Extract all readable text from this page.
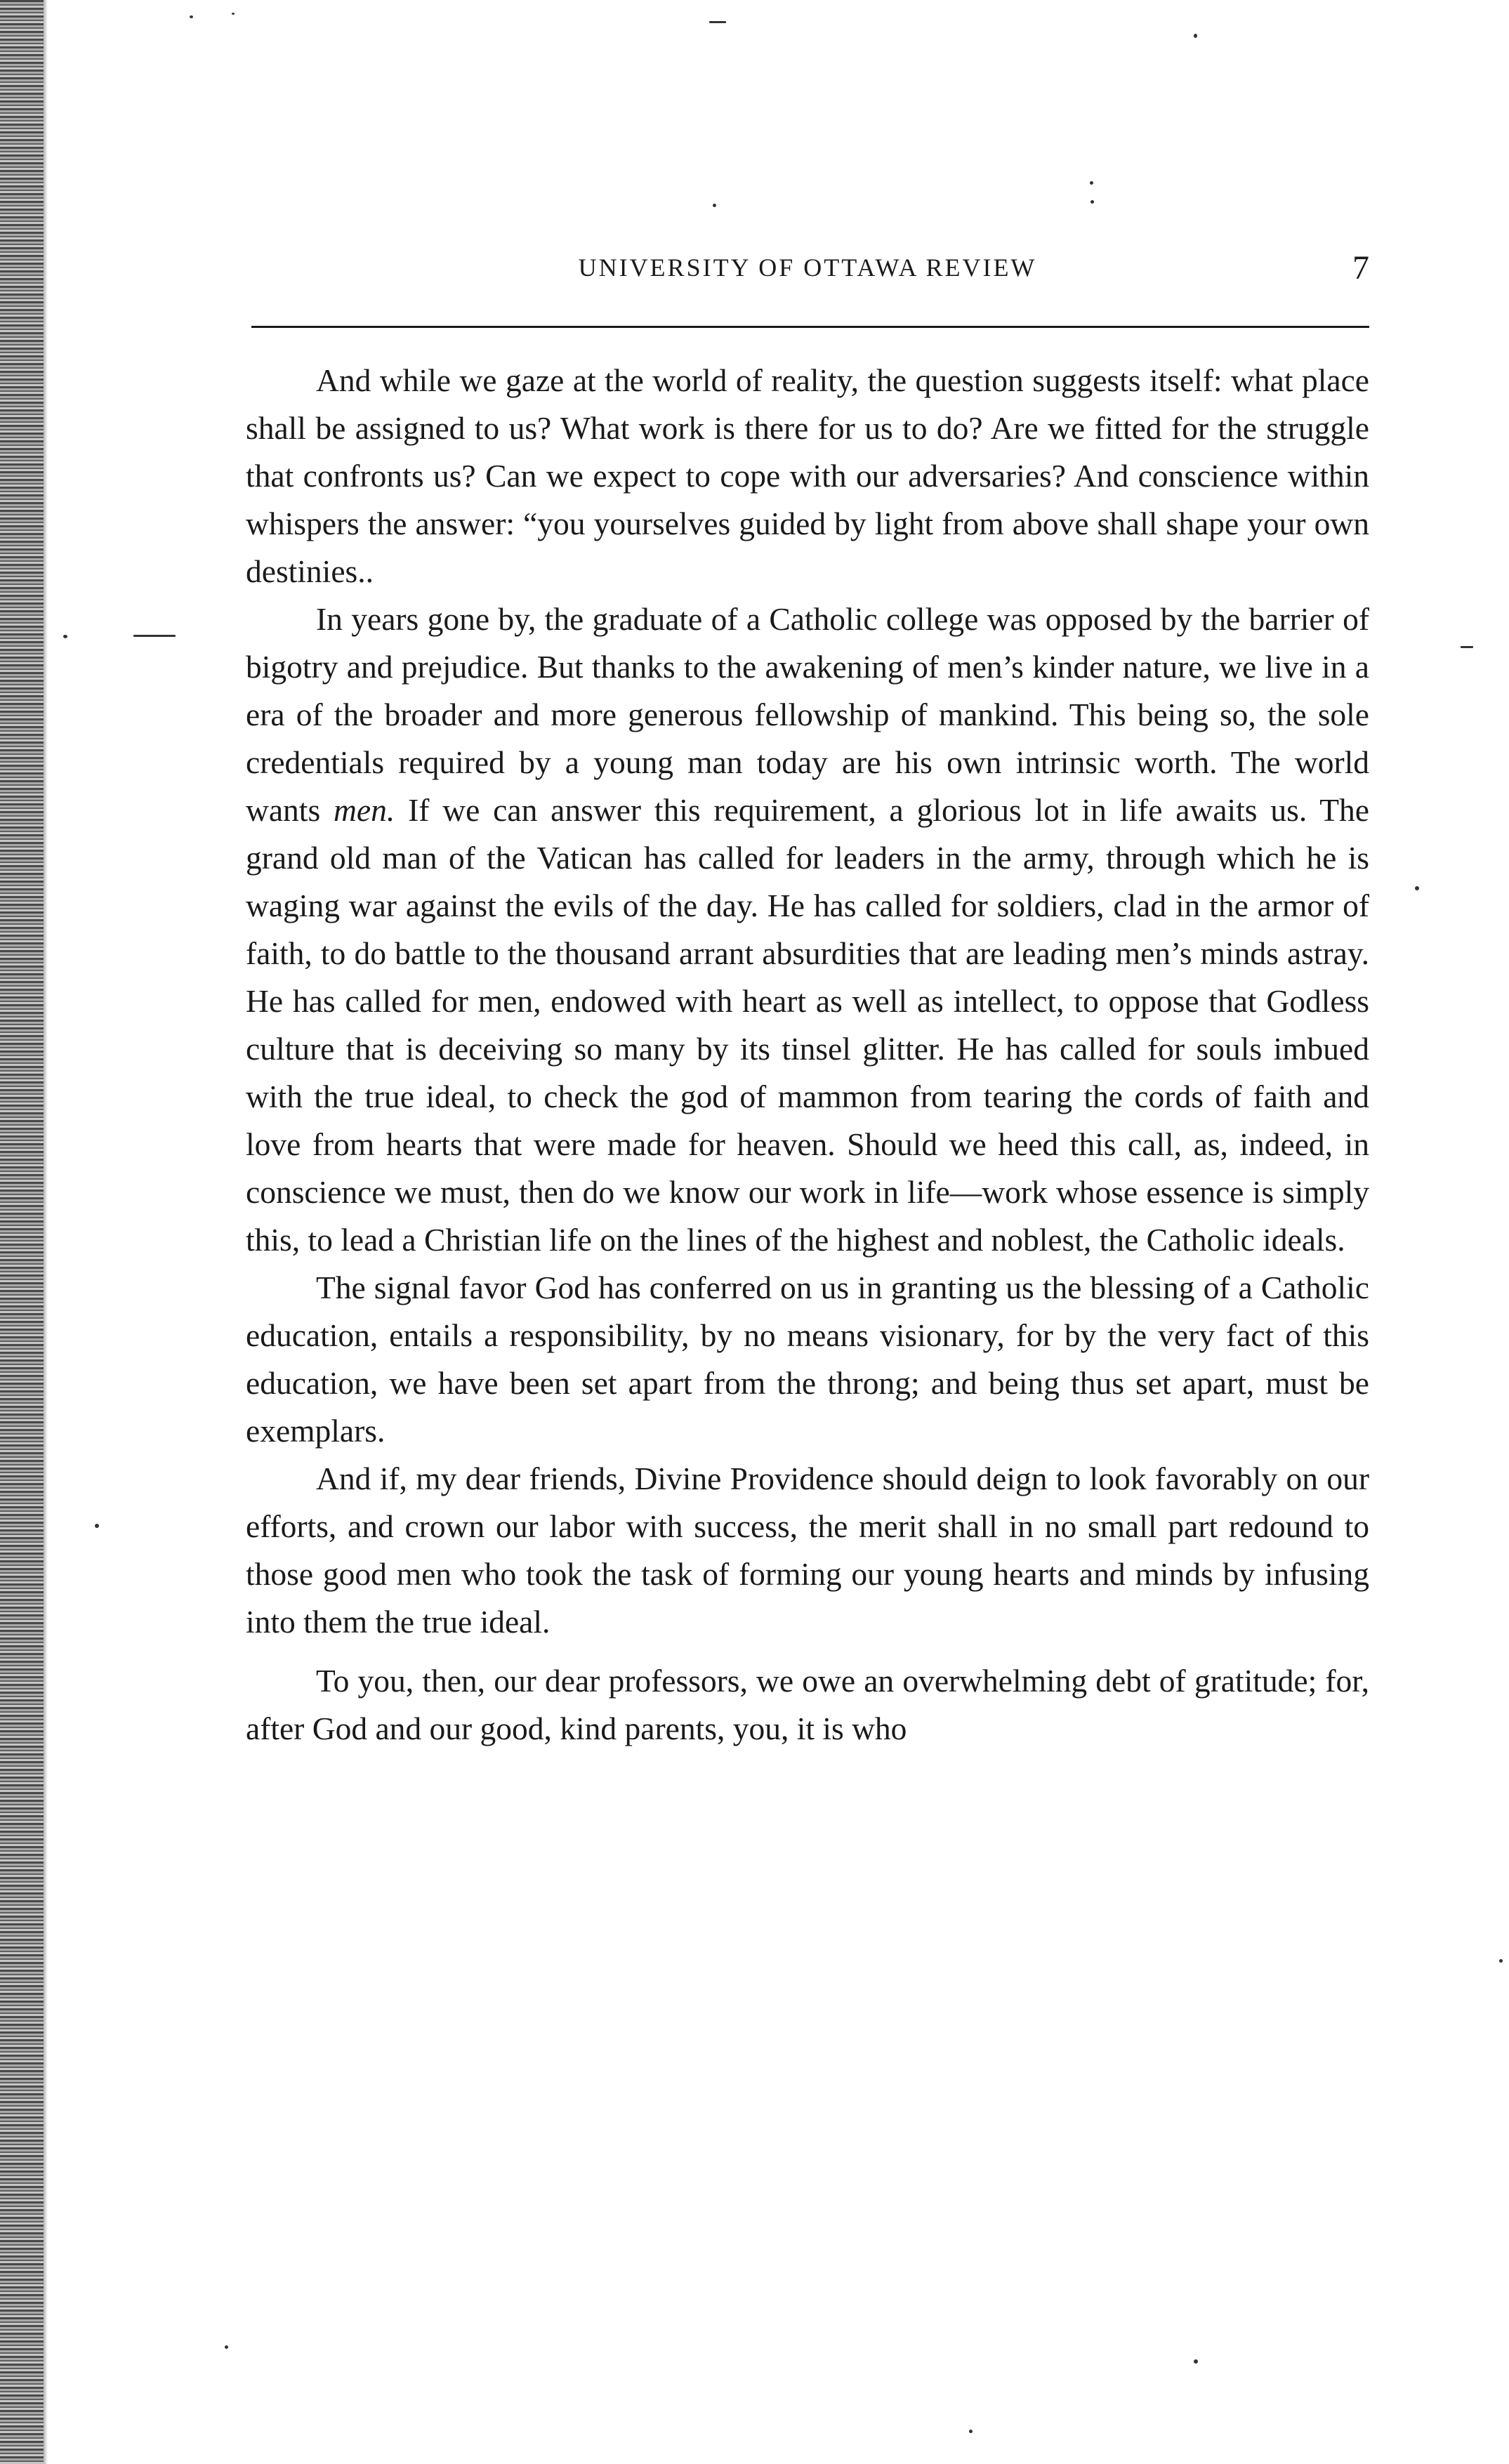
UNIVERSITY OF OTTAWA REVIEW	7

And while we gaze at the world of reality, the question suggests itself: what place shall be assigned to us? What work is there for us to do? Are we fitted for the struggle that confronts us? Can we expect to cope with our adversaries? And conscience within whispers the answer: “you yourselves guided by light from above shall shape your own destinies..

In years gone by, the graduate of a Catholic college was opposed by the barrier of bigotry and prejudice. But thanks to the awakening of men’s kinder nature, we live in a era of the broader and more generous fellowship of mankind. This being so, the sole credentials required by a young man today are his own intrinsic worth. The world wants men. If we can answer this requirement, a glorious lot in life awaits us. The grand old man of the Vatican has called for leaders in the army, through which he is waging war against the evils of the day. He has called for soldiers, clad in the armor of faith, to do battle to the thousand arrant absurdities that are leading men’s minds astray. He has called for men, endowed with heart as well as intellect, to oppose that Godless culture that is deceiving so many by its tinsel glitter. He has called for souls imbued with the true ideal, to check the god of mammon from tearing the cords of faith and love from hearts that were made for heaven. Should we heed this call, as, indeed, in conscience we must, then do we know our work in life—work whose essence is simply this, to lead a Christian life on the lines of the highest and noblest, the Catholic ideals.

The signal favor God has conferred on us in granting us the blessing of a Catholic education, entails a responsibility, by no means visionary, for by the very fact of this education, we have been set apart from the throng; and being thus set apart, must be exemplars.

And if, my dear friends, Divine Providence should deign to look favorably on our efforts, and crown our labor with success, the merit shall in no small part redound to those good men who took the task of forming our young hearts and minds by infusing into them the true ideal.

To you, then, our dear professors, we owe an overwhelming debt of gratitude; for, after God and our good, kind parents, you, it is who
